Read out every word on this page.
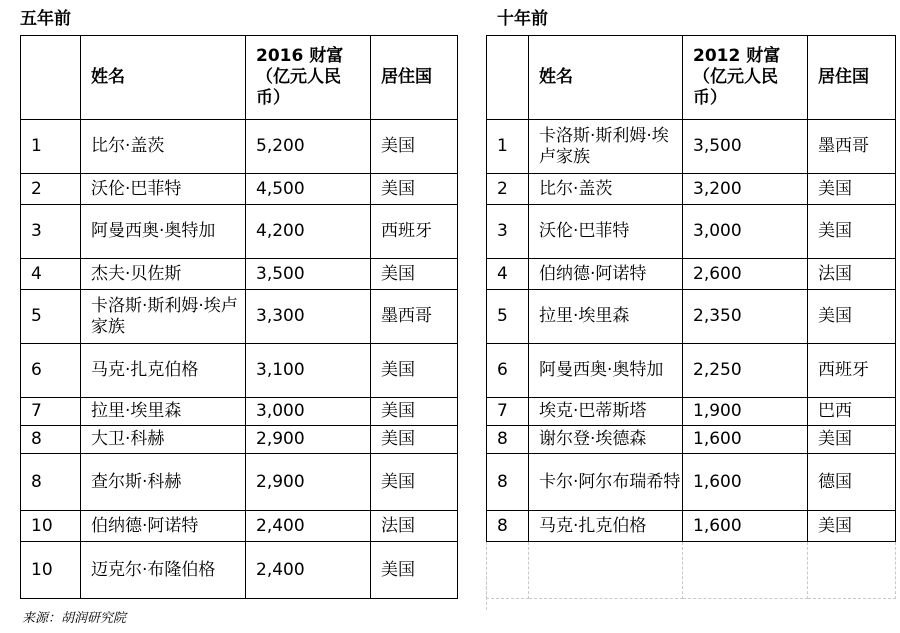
五年前	十年前
	姓名	2016 财富（亿元人民币）	居住国
1	比尔·盖茨	5,200	美国
2	沃伦·巴菲特	4,500	美国
3	阿曼西奥·奥特加	4,200	西班牙
4	杰夫·贝佐斯	3,500	美国
5	卡洛斯·斯利姆·埃卢家族	3,300	墨西哥
6	马克·扎克伯格	3,100	美国
7	拉里·埃里森	3,000	美国
8	大卫·科赫	2,900	美国
8	查尔斯·科赫	2,900	美国
10	伯纳德·阿诺特	2,400	法国
10	迈克尔·布隆伯格	2,400	美国
	姓名	2012 财富（亿元人民币）	居住国
1	卡洛斯·斯利姆·埃卢家族	3,500	墨西哥
2	比尔·盖茨	3,200	美国
3	沃伦·巴菲特	3,000	美国
4	伯纳德·阿诺特	2,600	法国
5	拉里·埃里森	2,350	美国
6	阿曼西奥·奥特加	2,250	西班牙
7	埃克·巴蒂斯塔	1,900	巴西
8	谢尔登·埃德森	1,600	美国
8	卡尔·阿尔布瑞希特	1,600	德国
8	马克·扎克伯格	1,600	美国

来源：胡润研究院
